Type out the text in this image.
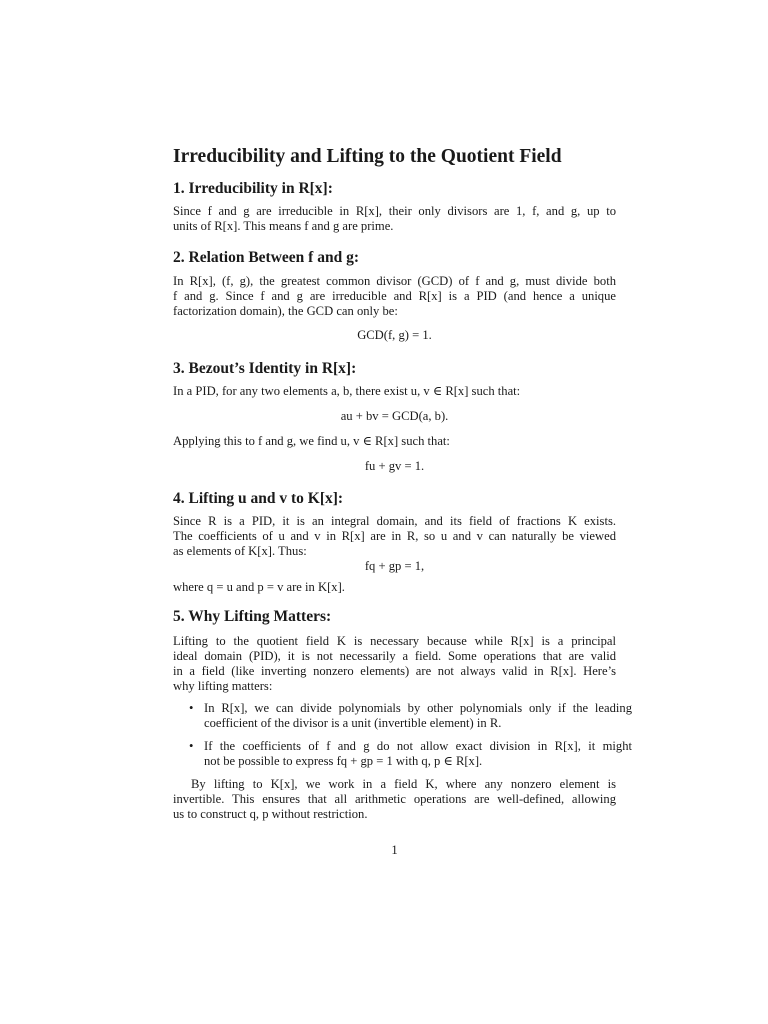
Irreducibility and Lifting to the Quotient Field
1. Irreducibility in R[x]:
Since f and g are irreducible in R[x], their only divisors are 1, f, and g, up to
units of R[x]. This means f and g are prime.
2. Relation Between f and g:
In R[x], (f, g), the greatest common divisor (GCD) of f and g, must divide both
f and g. Since f and g are irreducible and R[x] is a PID (and hence a unique
factorization domain), the GCD can only be:
GCD(f, g) = 1.
3. Bezout’s Identity in R[x]:
In a PID, for any two elements a, b, there exist u, v ∈ R[x] such that:
au + bv = GCD(a, b).
Applying this to f and g, we find u, v ∈ R[x] such that:
fu + gv = 1.
4. Lifting u and v to K[x]:
Since R is a PID, it is an integral domain, and its field of fractions K exists.
The coefficients of u and v in R[x] are in R, so u and v can naturally be viewed
as elements of K[x]. Thus:
fq + gp = 1,
where q = u and p = v are in K[x].
5. Why Lifting Matters:
Lifting to the quotient field K is necessary because while R[x] is a principal
ideal domain (PID), it is not necessarily a field. Some operations that are valid
in a field (like inverting nonzero elements) are not always valid in R[x]. Here’s
why lifting matters:
• In R[x], we can divide polynomials by other polynomials only if the leading
coefficient of the divisor is a unit (invertible element) in R.
• If the coefficients of f and g do not allow exact division in R[x], it might
not be possible to express fq + gp = 1 with q, p ∈ R[x].
By lifting to K[x], we work in a field K, where any nonzero element is
invertible. This ensures that all arithmetic operations are well-defined, allowing
us to construct q, p without restriction.
1
